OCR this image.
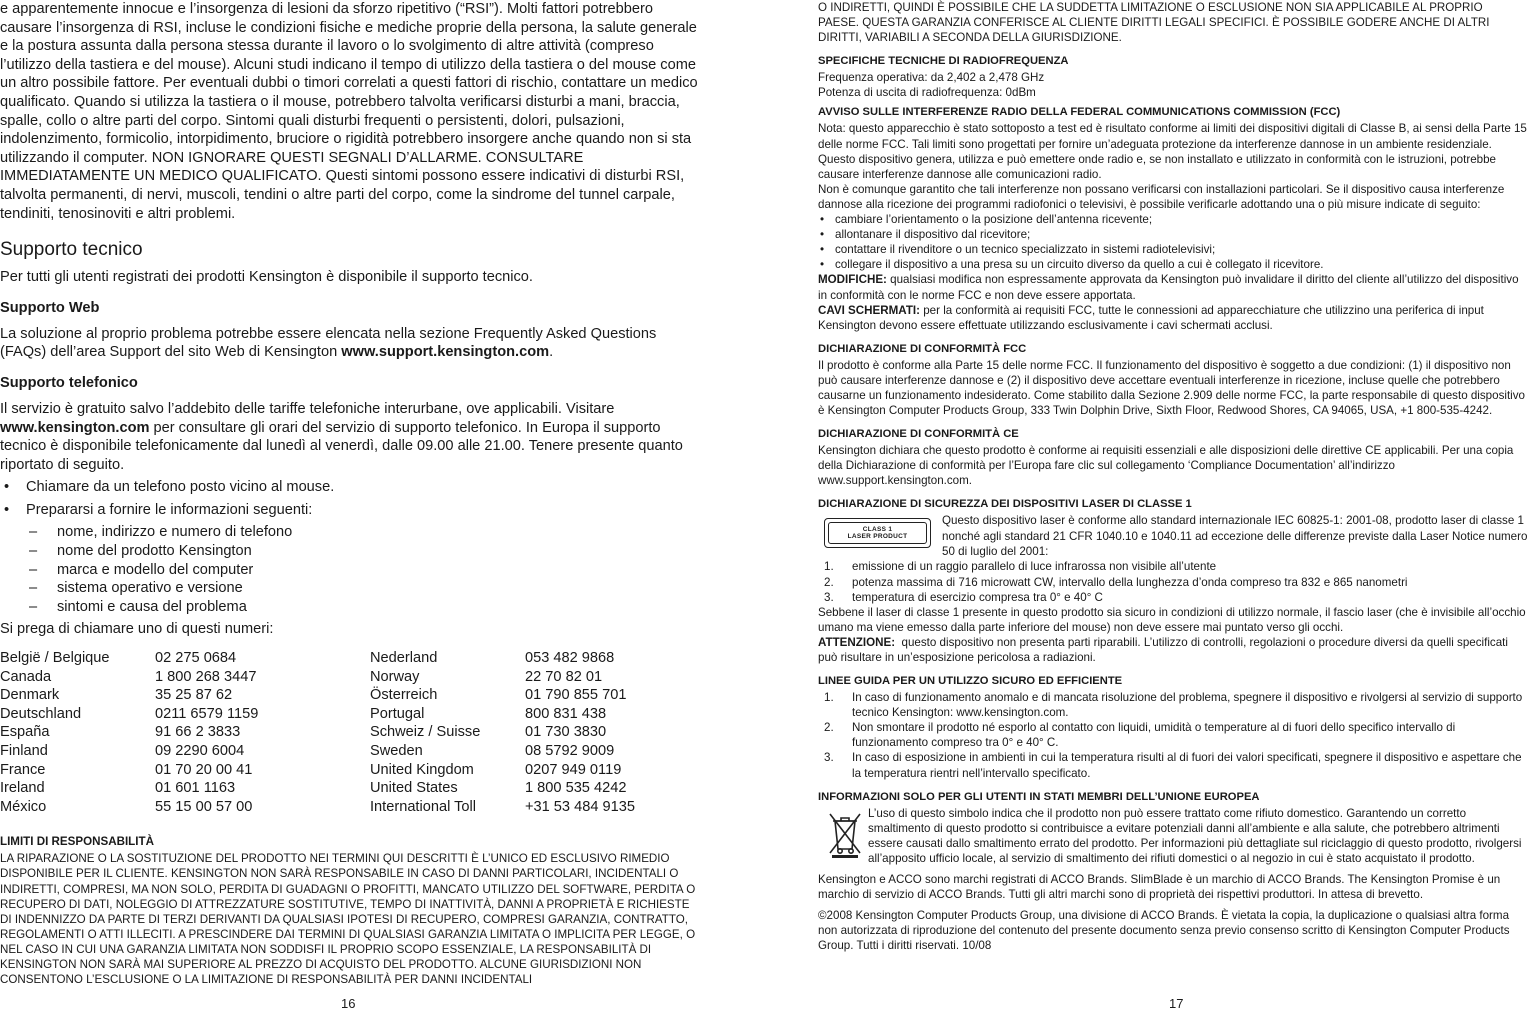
e apparentemente innocue e l’insorgenza di lesioni da sforzo ripetitivo (“RSI”). Molti fattori potrebbero causare l’insorgenza di RSI, incluse le condizioni fisiche e mediche proprie della persona, la salute generale e la postura assunta dalla persona stessa durante il lavoro o lo svolgimento di altre attività (compreso l’utilizzo della tastiera e del mouse). Alcuni studi indicano il tempo di utilizzo della tastiera o del mouse come un altro possibile fattore. Per eventuali dubbi o timori correlati a questi fattori di rischio, contattare un medico qualificato. Quando si utilizza la tastiera o il mouse, potrebbero talvolta verificarsi disturbi a mani, braccia, spalle, collo o altre parti del corpo. Sintomi quali disturbi frequenti o persistenti, dolori, pulsazioni, indolenzimento, formicolio, intorpidimento, bruciore o rigidità potrebbero insorgere anche quando non si sta utilizzando il computer. NON IGNORARE QUESTI SEGNALI D’ALLARME. CONSULTARE IMMEDIATAMENTE UN MEDICO QUALIFICATO. Questi sintomi possono essere indicativi di disturbi RSI, talvolta permanenti, di nervi, muscoli, tendini o altre parti del corpo, come la sindrome del tunnel carpale, tendiniti, tenosinoviti e altri problemi.

Supporto tecnico

Per tutti gli utenti registrati dei prodotti Kensington è disponibile il supporto tecnico.

Supporto Web

La soluzione al proprio problema potrebbe essere elencata nella sezione Frequently Asked Questions (FAQs) dell’area Support del sito Web di Kensington www.support.kensington.com.

Supporto telefonico

Il servizio è gratuito salvo l’addebito delle tariffe telefoniche interurbane, ove applicabili. Visitare www.kensington.com per consultare gli orari del servizio di supporto telefonico. In Europa il supporto tecnico è disponibile telefonicamente dal lunedì al venerdì, dalle 09.00 alle 21.00. Tenere presente quanto riportato di seguito.

• Chiamare da un telefono posto vicino al mouse.
• Prepararsi a fornire le informazioni seguenti:
– nome, indirizzo e numero di telefono
– nome del prodotto Kensington
– marca e modello del computer
– sistema operativo e versione
– sintomi e causa del problema

Si prega di chiamare uno di questi numeri:

België / Belgique	02 275 0684	Nederland	053 482 9868
Canada	1 800 268 3447	Norway	22 70 82 01
Denmark	35 25 87 62	Österreich	01 790 855 701
Deutschland	0211 6579 1159	Portugal	800 831 438
España	91 66 2 3833	Schweiz / Suisse	01 730 3830
Finland	09 2290 6004	Sweden	08 5792 9009
France	01 70 20 00 41	United Kingdom	0207 949 0119
Ireland	01 601 1163	United States	1 800 535 4242
México	55 15 00 57 00	International Toll	+31 53 484 9135
LIMITI DI RESPONSABILITÀ

LA RIPARAZIONE O LA SOSTITUZIONE DEL PRODOTTO NEI TERMINI QUI DESCRITTI È L’UNICO ED ESCLUSIVO RIMEDIO DISPONIBILE PER IL CLIENTE. KENSINGTON NON SARÀ RESPONSABILE IN CASO DI DANNI PARTICOLARI, INCIDENTALI O INDIRETTI, COMPRESI, MA NON SOLO, PERDITA DI GUADAGNI O PROFITTI, MANCATO UTILIZZO DEL SOFTWARE, PERDITA O RECUPERO DI DATI, NOLEGGIO DI ATTREZZATURE SOSTITUTIVE, TEMPO DI INATTIVITÀ, DANNI A PROPRIETÀ E RICHIESTE DI INDENNIZZO DA PARTE DI TERZI DERIVANTI DA QUALSIASI IPOTESI DI RECUPERO, COMPRESI GARANZIA, CONTRATTO, REGOLAMENTI O ATTI ILLECITI. A PRESCINDERE DAI TERMINI DI QUALSIASI GARANZIA LIMITATA O IMPLICITA PER LEGGE, O NEL CASO IN CUI UNA GARANZIA LIMITATA NON SODDISFI IL PROPRIO SCOPO ESSENZIALE, LA RESPONSABILITÀ DI KENSINGTON NON SARÀ MAI SUPERIORE AL PREZZO DI ACQUISTO DEL PRODOTTO. ALCUNE GIURISDIZIONI NON CONSENTONO L’ESCLUSIONE O LA LIMITAZIONE DI RESPONSABILITÀ PER DANNI INCIDENTALI

16

O INDIRETTI, QUINDI È POSSIBILE CHE LA SUDDETTA LIMITAZIONE O ESCLUSIONE NON SIA APPLICABILE AL PROPRIO PAESE. QUESTA GARANZIA CONFERISCE AL CLIENTE DIRITTI LEGALI SPECIFICI. È POSSIBILE GODERE ANCHE DI ALTRI DIRITTI, VARIABILI A SECONDA DELLA GIURISDIZIONE.

SPECIFICHE TECNICHE DI RADIOFREQUENZA

Frequenza operativa: da 2,402 a 2,478 GHz

Potenza di uscita di radiofrequenza: 0dBm

AVVISO SULLE INTERFERENZE RADIO DELLA FEDERAL COMMUNICATIONS COMMISSION (FCC)

Nota: questo apparecchio è stato sottoposto a test ed è risultato conforme ai limiti dei dispositivi digitali di Classe B, ai sensi della Parte 15 delle norme FCC. Tali limiti sono progettati per fornire un’adeguata protezione da interferenze dannose in un ambiente residenziale. Questo dispositivo genera, utilizza e può emettere onde radio e, se non installato e utilizzato in conformità con le istruzioni, potrebbe causare interferenze dannose alle comunicazioni radio.

Non è comunque garantito che tali interferenze non possano verificarsi con installazioni particolari. Se il dispositivo causa interferenze dannose alla ricezione dei programmi radiofonici o televisivi, è possibile verificarle adottando una o più misure indicate di seguito:

• cambiare l’orientamento o la posizione dell’antenna ricevente;
• allontanare il dispositivo dal ricevitore;
• contattare il rivenditore o un tecnico specializzato in sistemi radiotelevisivi;
• collegare il dispositivo a una presa su un circuito diverso da quello a cui è collegato il ricevitore.

MODIFICHE: qualsiasi modifica non espressamente approvata da Kensington può invalidare il diritto del cliente all’utilizzo del dispositivo in conformità con le norme FCC e non deve essere apportata.

CAVI SCHERMATI: per la conformità ai requisiti FCC, tutte le connessioni ad apparecchiature che utilizzino una periferica di input Kensington devono essere effettuate utilizzando esclusivamente i cavi schermati acclusi.

DICHIARAZIONE DI CONFORMITÀ FCC

Il prodotto è conforme alla Parte 15 delle norme FCC. Il funzionamento del dispositivo è soggetto a due condizioni: (1) il dispositivo non può causare interferenze dannose e (2) il dispositivo deve accettare eventuali interferenze in ricezione, incluse quelle che potrebbero causarne un funzionamento indesiderato. Come stabilito dalla Sezione 2.909 delle norme FCC, la parte responsabile di questo dispositivo è Kensington Computer Products Group, 333 Twin Dolphin Drive, Sixth Floor, Redwood Shores, CA 94065, USA, +1 800-535-4242.

DICHIARAZIONE DI CONFORMITÀ CE

Kensington dichiara che questo prodotto è conforme ai requisiti essenziali e alle disposizioni delle direttive CE applicabili. Per una copia della Dichiarazione di conformità per l’Europa fare clic sul collegamento ‘Compliance Documentation’ all’indirizzo www.support.kensington.com.

DICHIARAZIONE DI SICUREZZA DEI DISPOSITIVI LASER DI CLASSE 1
CLASS 1
LASER PRODUCT

Questo dispositivo laser è conforme allo standard internazionale IEC 60825-1: 2001-08, prodotto laser di classe 1 nonché agli standard 21 CFR 1040.10 e 1040.11 ad eccezione delle differenze previste dalla Laser Notice numero 50 di luglio del 2001:

1. emissione di un raggio parallelo di luce infrarossa non visibile all’utente
2. potenza massima di 716 microwatt CW, intervallo della lunghezza d’onda compreso tra 832 e 865 nanometri
3. temperatura di esercizio compresa tra 0° e 40° C

Sebbene il laser di classe 1 presente in questo prodotto sia sicuro in condizioni di utilizzo normale, il fascio laser (che è invisibile all’occhio umano ma viene emesso dalla parte inferiore del mouse) non deve essere mai puntato verso gli occhi.

ATTENZIONE: questo dispositivo non presenta parti riparabili. L’utilizzo di controlli, regolazioni o procedure diversi da quelli specificati può risultare in un’esposizione pericolosa a radiazioni.

LINEE GUIDA PER UN UTILIZZO SICURO ED EFFICIENTE
1. In caso di funzionamento anomalo e di mancata risoluzione del problema, spegnere il dispositivo e rivolgersi al servizio di supporto tecnico Kensington: www.kensington.com.
2. Non smontare il prodotto né esporlo al contatto con liquidi, umidità o temperature al di fuori dello specifico intervallo di funzionamento compreso tra 0° e 40° C.
3. In caso di esposizione in ambienti in cui la temperatura risulti al di fuori dei valori specificati, spegnere il dispositivo e aspettare che la temperatura rientri nell’intervallo specificato.
INFORMAZIONI SOLO PER GLI UTENTI IN STATI MEMBRI DELL’UNIONE EUROPEA

L’uso di questo simbolo indica che il prodotto non può essere trattato come rifiuto domestico. Garantendo un corretto smaltimento di questo prodotto si contribuisce a evitare potenziali danni all’ambiente e alla salute, che potrebbero altrimenti essere causati dallo smaltimento errato del prodotto. Per informazioni più dettagliate sul riciclaggio di questo prodotto, rivolgersi all’apposito ufficio locale, al servizio di smaltimento dei rifiuti domestici o al negozio in cui è stato acquistato il prodotto.

Kensington e ACCO sono marchi registrati di ACCO Brands. SlimBlade è un marchio di ACCO Brands. The Kensington Promise è un marchio di servizio di ACCO Brands. Tutti gli altri marchi sono di proprietà dei rispettivi produttori. In attesa di brevetto.

©2008 Kensington Computer Products Group, una divisione di ACCO Brands. È vietata la copia, la duplicazione o qualsiasi altra forma non autorizzata di riproduzione del contenuto del presente documento senza previo consenso scritto di Kensington Computer Products Group. Tutti i diritti riservati. 10/08

17
